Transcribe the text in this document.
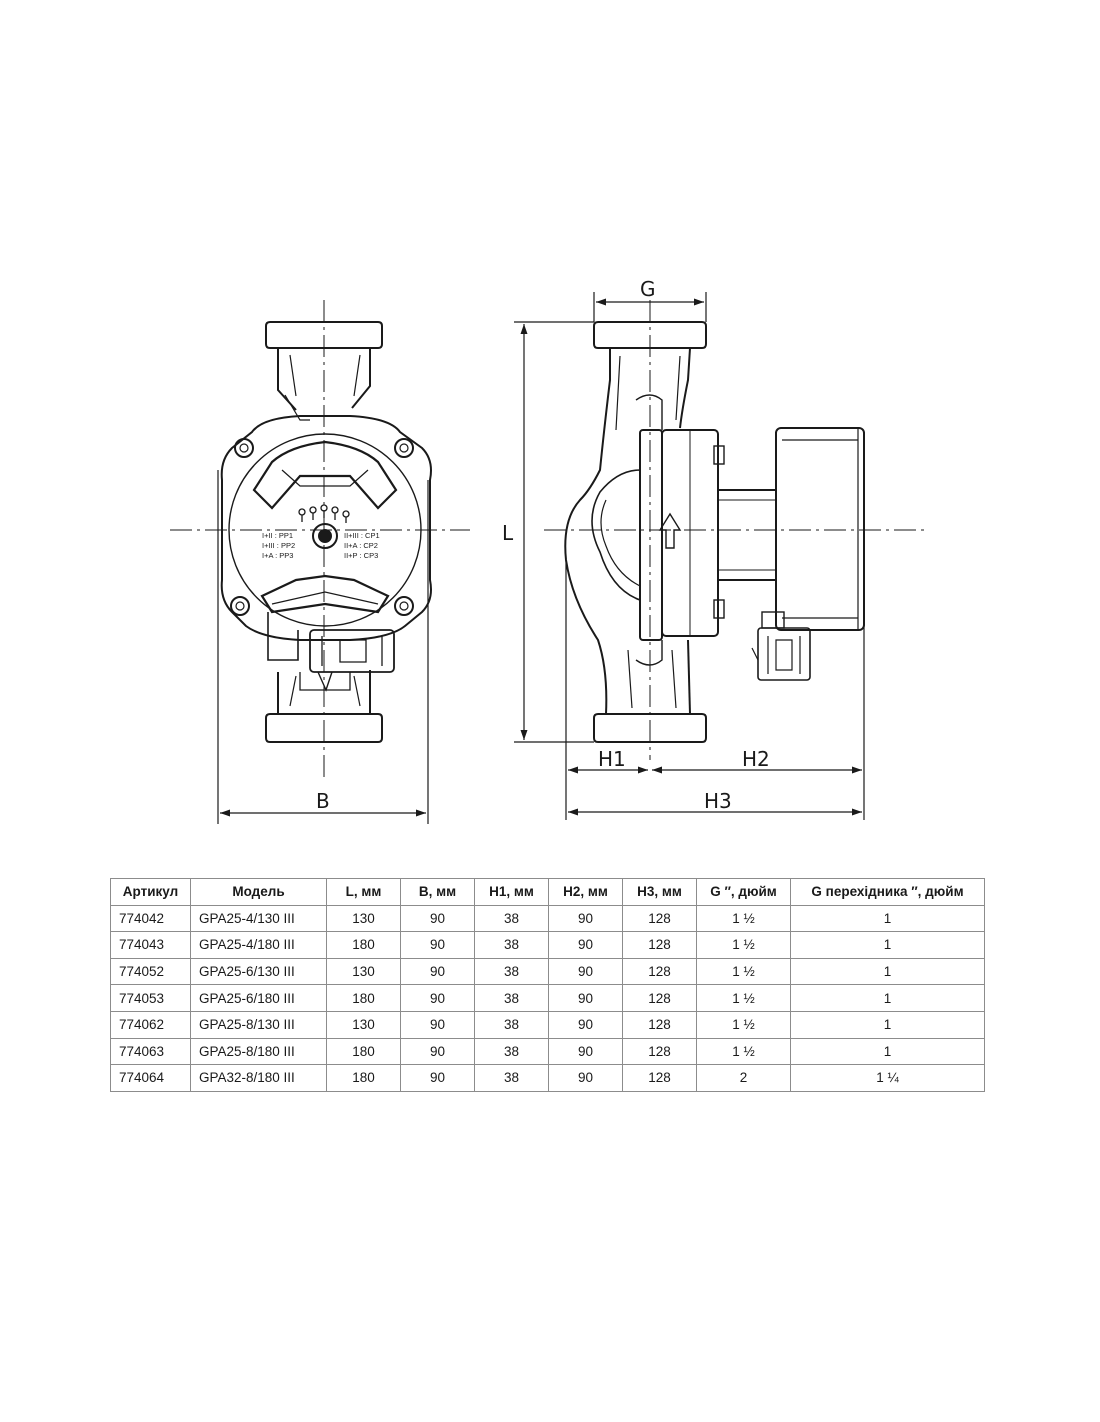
I+II : PP1
I+III : PP2
I+A : PP3
II+III : CP1
II+A : CP2
II+P : CP3
B
G
L
H1	H2
H3
Артикул	Модель	L, мм	B, мм	H1, мм	H2, мм	H3, мм	G ″, дюйм	G перехідника ″, дюйм
774042	GPA25-4/130 III	130	90	38	90	128	1 ½	1
774043	GPA25-4/180 III	180	90	38	90	128	1 ½	1
774052	GPA25-6/130 III	130	90	38	90	128	1 ½	1
774053	GPA25-6/180 III	180	90	38	90	128	1 ½	1
774062	GPA25-8/130 III	130	90	38	90	128	1 ½	1
774063	GPA25-8/180 III	180	90	38	90	128	1 ½	1
774064	GPA32-8/180 III	180	90	38	90	128	2	1 ¼
